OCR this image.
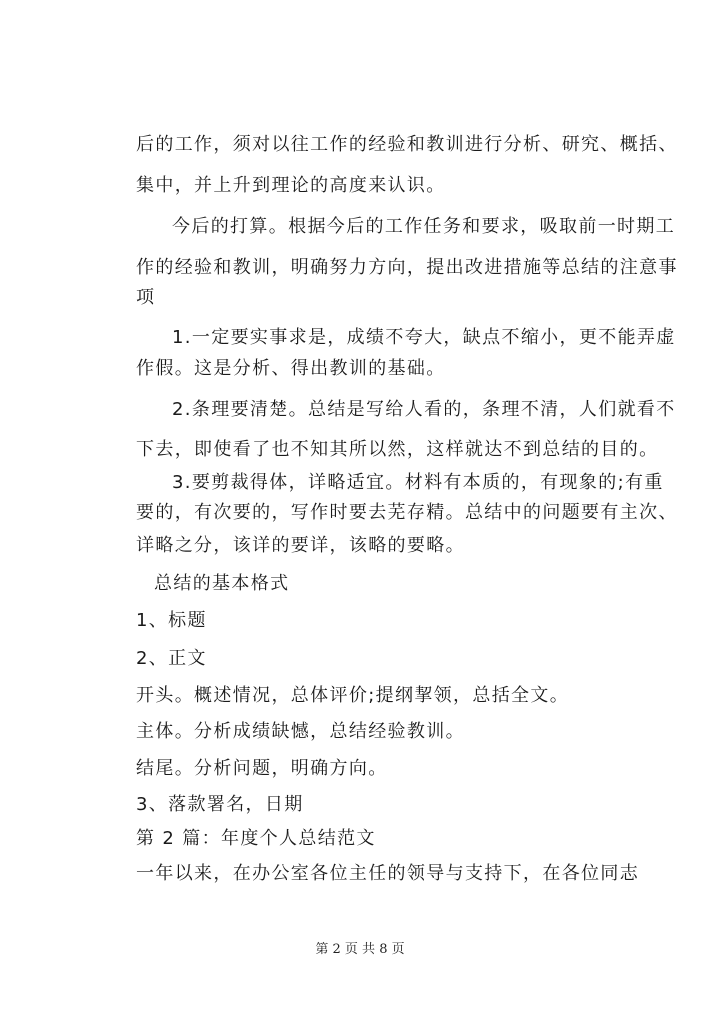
后的工作，须对以往工作的经验和教训进行分析、研究、概括、
集中，并上升到理论的高度来认识。
今后的打算。根据今后的工作任务和要求，吸取前一时期工
作的经验和教训，明确努力方向，提出改进措施等总结的注意事
项
1.一定要实事求是，成绩不夸大，缺点不缩小，更不能弄虚
作假。这是分析、得出教训的基础。
2.条理要清楚。总结是写给人看的，条理不清，人们就看不
下去，即使看了也不知其所以然，这样就达不到总结的目的。
3.要剪裁得体，详略适宜。材料有本质的，有现象的;有重
要的，有次要的，写作时要去芜存精。总结中的问题要有主次、
详略之分，该详的要详，该略的要略。
总结的基本格式
1、标题
2、正文
开头。概述情况，总体评价;提纲挈领，总括全文。
主体。分析成绩缺憾，总结经验教训。
结尾。分析问题，明确方向。
3、落款署名，日期
第 2 篇：年度个人总结范文
一年以来，在办公室各位主任的领导与支持下，在各位同志
第 2 页 共 8 页
